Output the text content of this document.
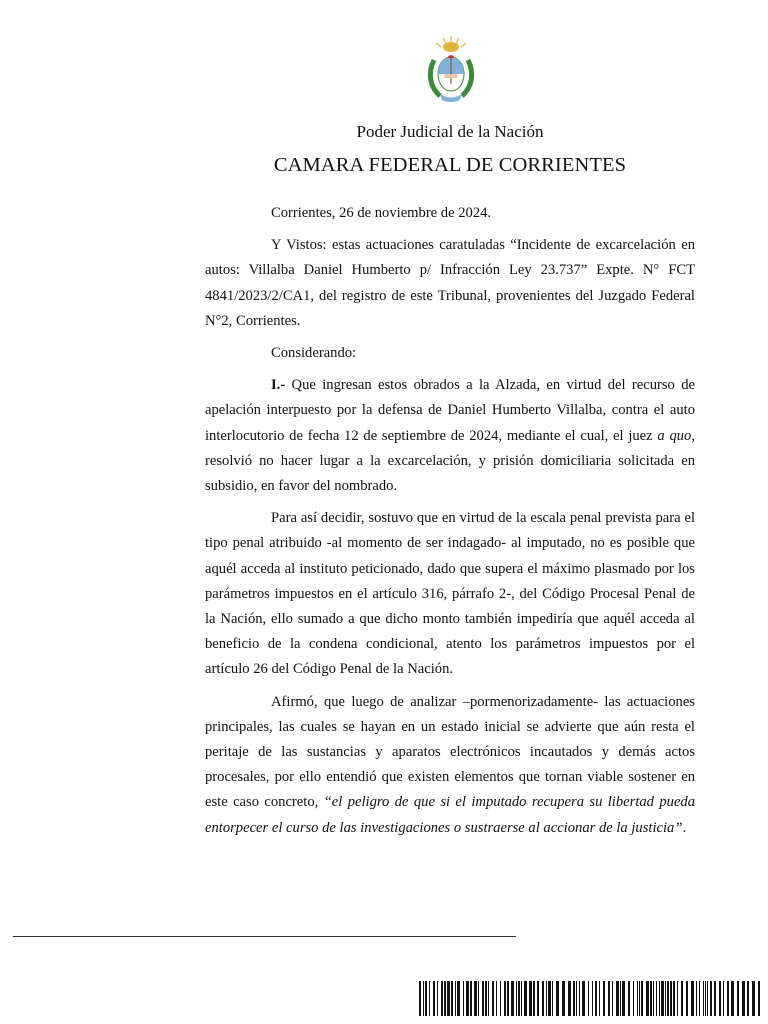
Poder Judicial de la Nación
CAMARA FEDERAL DE CORRIENTES

Corrientes, 26 de noviembre de 2024.

Y Vistos: estas actuaciones caratuladas “Incidente de excarcelación en autos: Villalba Daniel Humberto p/ Infracción Ley 23.737” Expte. N° FCT 4841/2023/2/CA1, del registro de este Tribunal, provenientes del Juzgado Federal N°2, Corrientes.

Considerando:

I.- Que ingresan estos obrados a la Alzada, en virtud del recurso de apelación interpuesto por la defensa de Daniel Humberto Villalba, contra el auto interlocutorio de fecha 12 de septiembre de 2024, mediante el cual, el juez a quo, resolvió no hacer lugar a la excarcelación, y prisión domiciliaria solicitada en subsidio, en favor del nombrado.

Para así decidir, sostuvo que en virtud de la escala penal prevista para el tipo penal atribuido -al momento de ser indagado- al imputado, no es posible que aquél acceda al instituto peticionado, dado que supera el máximo plasmado por los parámetros impuestos en el artículo 316, párrafo 2-, del Código Procesal Penal de la Nación, ello sumado a que dicho monto también impediría que aquél acceda al beneficio de la condena condicional, atento los parámetros impuestos por el artículo 26 del Código Penal de la Nación.

Afirmó, que luego de analizar –pormenorizadamente- las actuaciones principales, las cuales se hayan en un estado inicial se advierte que aún resta el peritaje de las sustancias y aparatos electrónicos incautados y demás actos procesales, por ello entendió que existen elementos que tornan viable sostener en este caso concreto, “el peligro de que si el imputado recupera su libertad pueda entorpecer el curso de las investigaciones o sustraerse al accionar de la justicia”.
